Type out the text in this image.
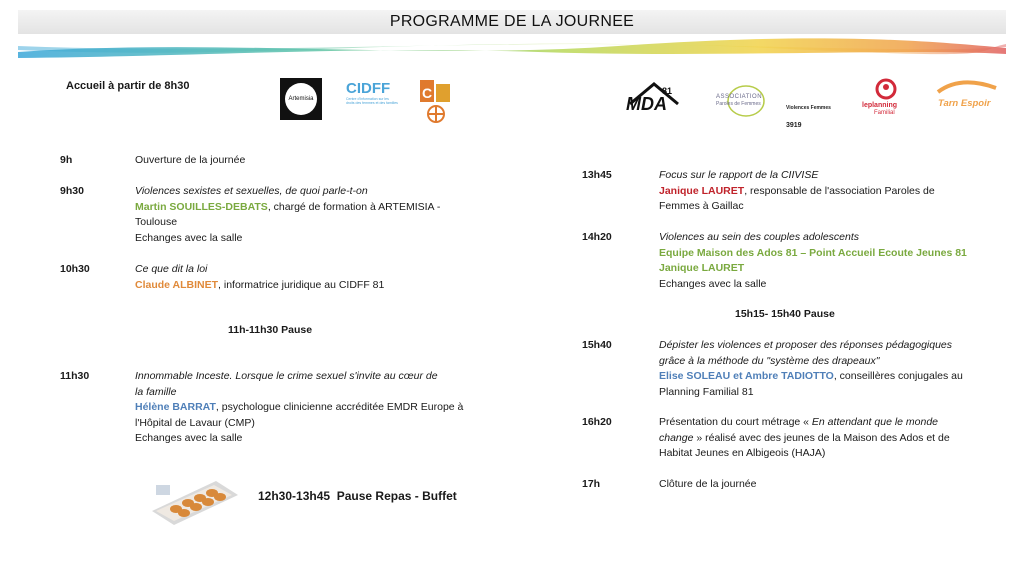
PROGRAMME DE LA JOURNEE
Accueil à partir de 8h30
Artemisia
CIDFF
Centre d'Information sur les droits des femmes et des familles
C
MDA
81
ASSOCIATION
Paroles de Femmes
Violences Femmes 3919
leplanning
Familial
Tarn Espoir
9h	Ouverture de la journée
9h30	Violences sexistes et sexuelles, de quoi parle-t-on
Martin SOUILLES-DEBATS, chargé de formation à ARTEMISIA -
Toulouse
Echanges avec la salle
10h30	Ce que dit la loi
Claude ALBINET, informatrice juridique au CIDFF 81
11h-11h30 Pause
11h30	Innommable Inceste. Lorsque le crime sexuel s'invite au cœur de
la famille
Hélène BARRAT, psychologue clinicienne accréditée EMDR Europe à
l'Hôpital de Lavaur (CMP)
Echanges avec la salle
12h30-13h45 Pause Repas - Buffet
13h45	Focus sur le rapport de la CIIVISE
Janique LAURET, responsable de l'association Paroles de
Femmes à Gaillac
14h20	Violences au sein des couples adolescents
Equipe Maison des Ados 81 – Point Accueil Ecoute Jeunes 81
Janique LAURET
Echanges avec la salle
15h15- 15h40 Pause
15h40	Dépister les violences et proposer des réponses pédagogiques
grâce à la méthode du "système des drapeaux"
Elise SOLEAU et Ambre TADIOTTO, conseillères conjugales au
Planning Familial 81
16h20	Présentation du court métrage « En attendant que le monde
change » réalisé avec des jeunes de la Maison des Ados et de
Habitat Jeunes en Albigeois (HAJA)
17h	Clôture de la journée
